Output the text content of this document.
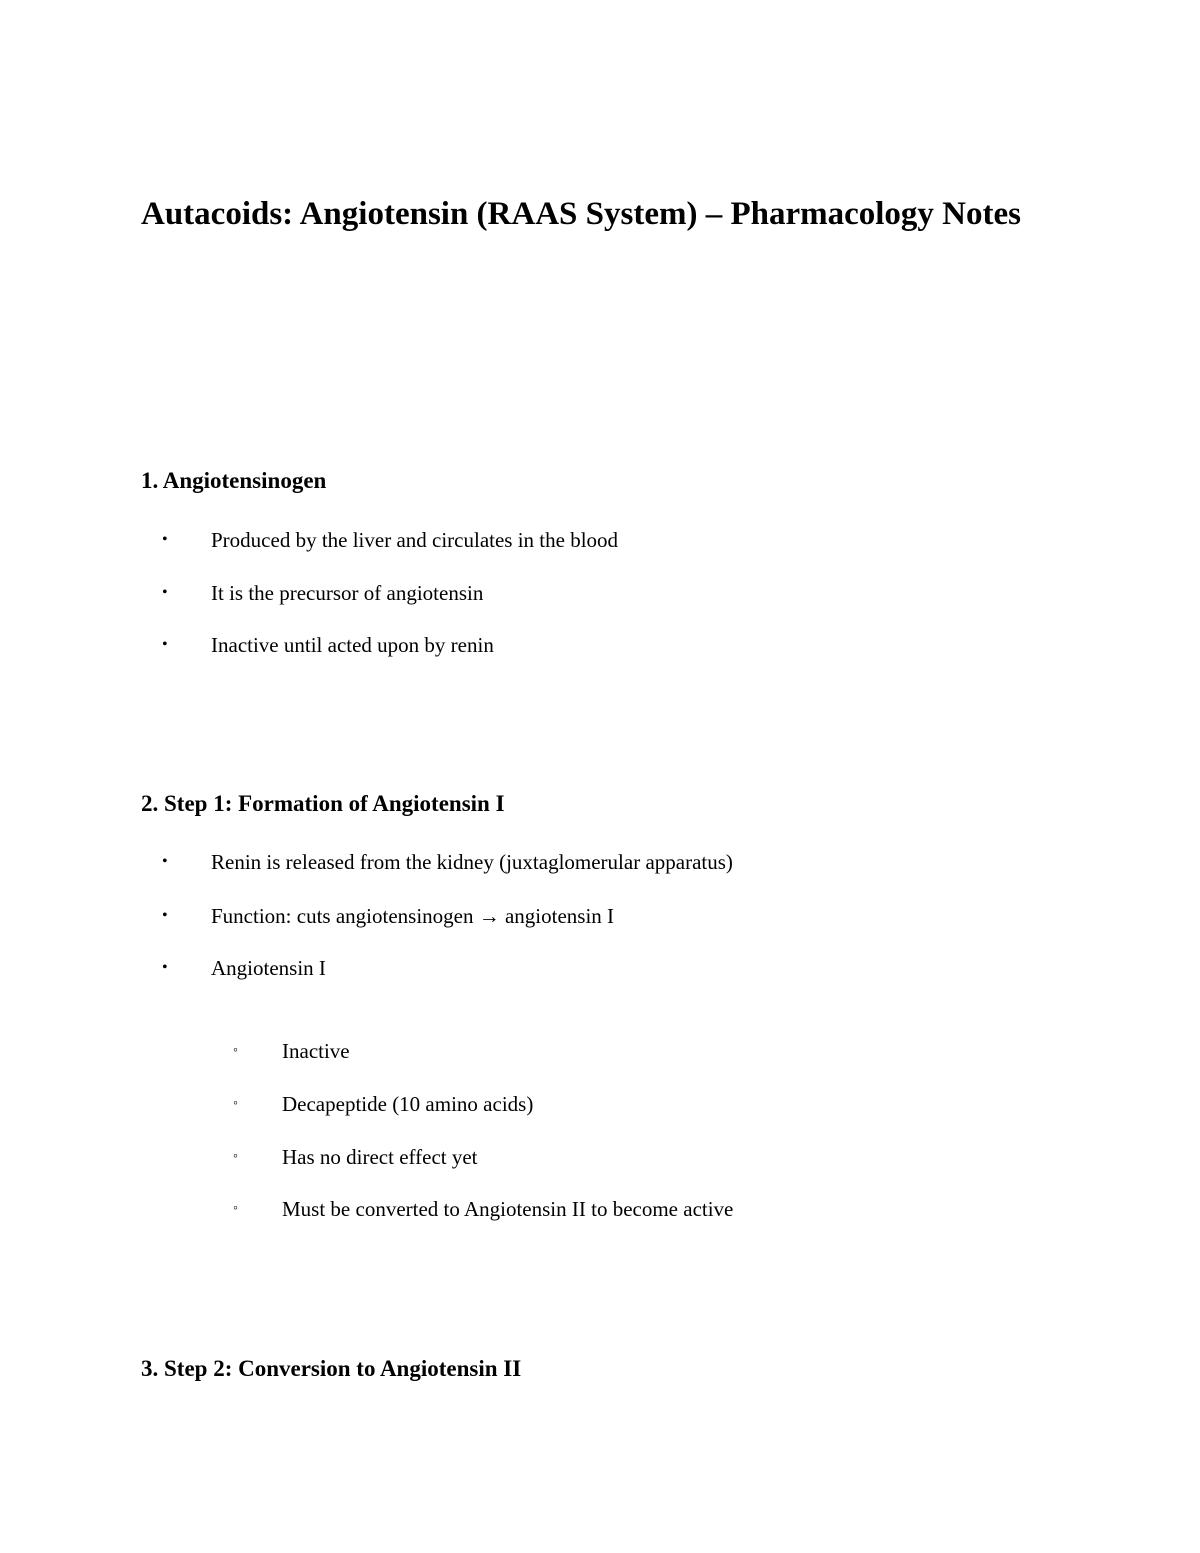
Autacoids: Angiotensin (RAAS System) – Pharmacology Notes
1. Angiotensinogen
• Produced by the liver and circulates in the blood
• It is the precursor of angiotensin
• Inactive until acted upon by renin
2. Step 1: Formation of Angiotensin I
• Renin is released from the kidney (juxtaglomerular apparatus)
• Function: cuts angiotensinogen → angiotensin I
• Angiotensin I
◦ Inactive
◦ Decapeptide (10 amino acids)
◦ Has no direct effect yet
◦ Must be converted to Angiotensin II to become active
3. Step 2: Conversion to Angiotensin II
